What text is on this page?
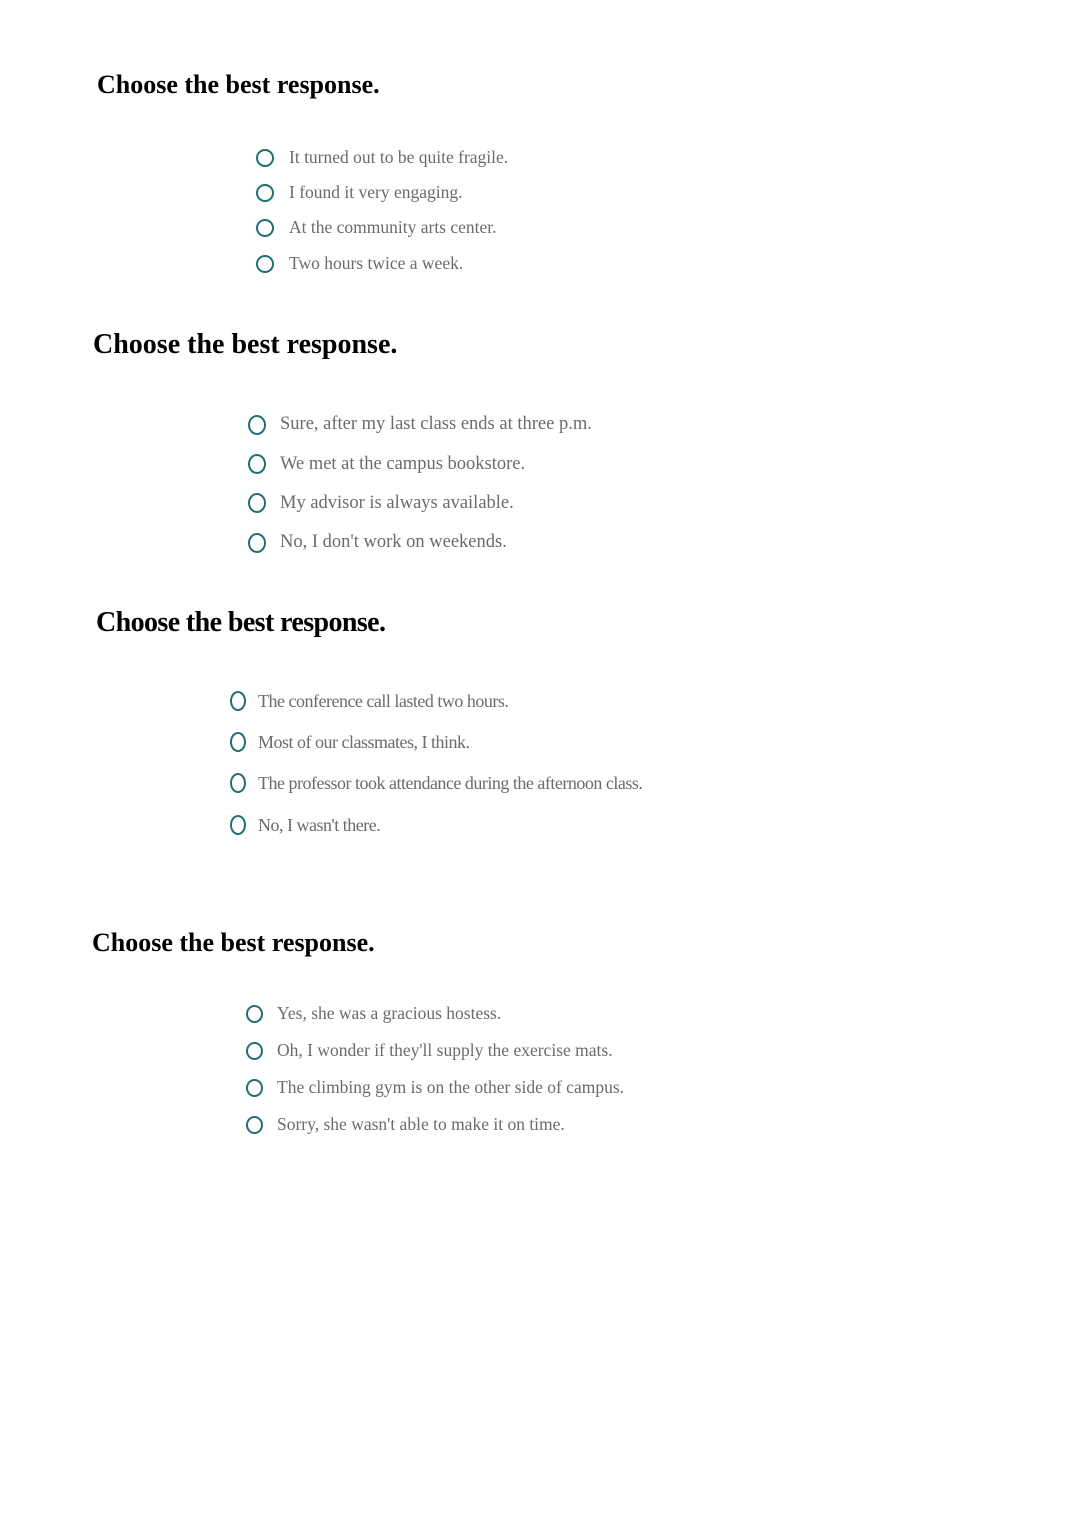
Choose the best response.
It turned out to be quite fragile.
I found it very engaging.
At the community arts center.
Two hours twice a week.
Choose the best response.
Sure, after my last class ends at three p.m.
We met at the campus bookstore.
My advisor is always available.
No, I don't work on weekends.
Choose the best response.
The conference call lasted two hours.
Most of our classmates, I think.
The professor took attendance during the afternoon class.
No, I wasn't there.
Choose the best response.
Yes, she was a gracious hostess.
Oh, I wonder if they'll supply the exercise mats.
The climbing gym is on the other side of campus.
Sorry, she wasn't able to make it on time.
